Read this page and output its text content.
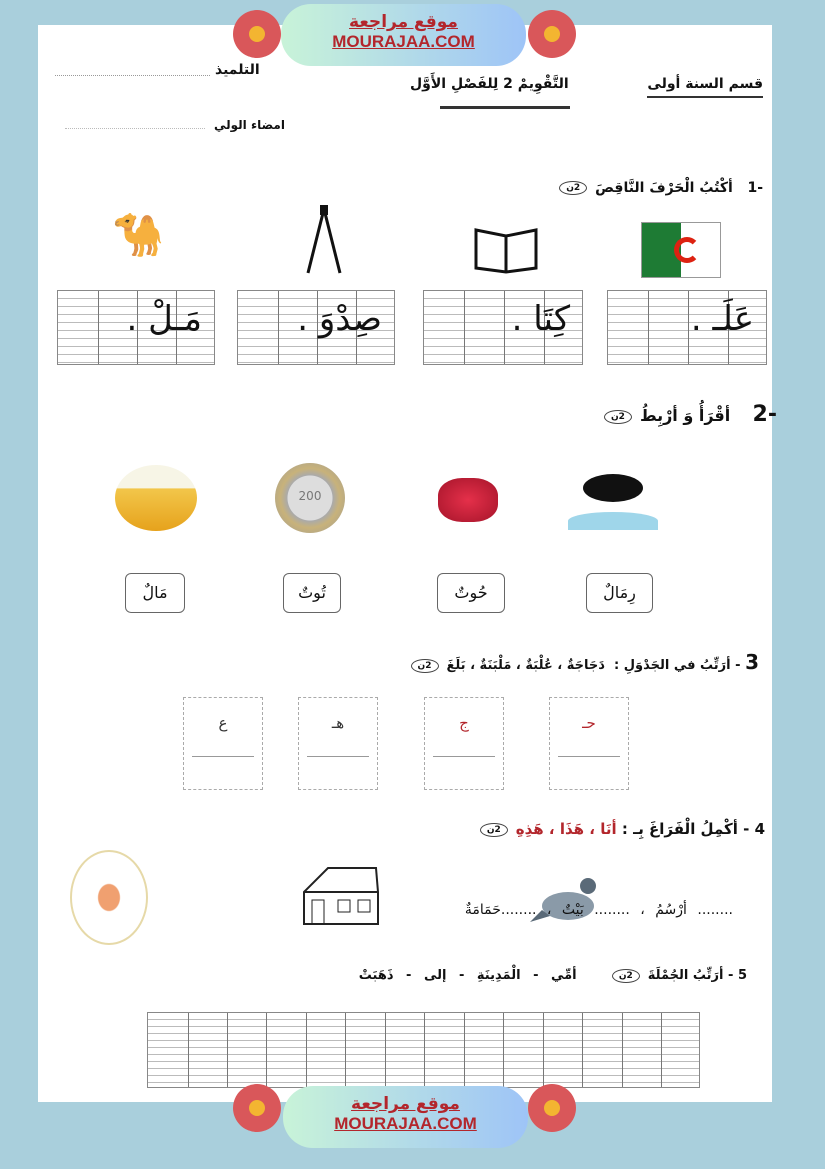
موقع مراجعة
MOURAJAA.COM
قسم السنة أولى
التَّقْوِيمْ 2 لِلفَصْلِ الأَوَّل
التلميذ
امضاء الولي
-1   أكْتُبُ الْحَرْفَ النَّاقِصَ2ن
🐪
مَـلْ .	صِدْوَ .	كِتَا .	عَلَـ .
-2    أقْرَأُ وَ أرْبِطُ2ن
200
مَالٌ	تُوتٌ	حُوتٌ	رِمَالٌ
3 - أرَتِّبُ في الجَدْوَلِ :  دَجَاجَةٌ ، عُلْبَةٌ ، مَلْبَنَةٌ ، بَلَغَ2ن
ع	هـ	ج	حـ
4 - أكْمِلُ الْفَرَاغَ بِـ : أنَا ، هَذَا ، هَذِهِ2ن
........ أرْسُمُ ، ........ بَيْتٌ ، ........حَمَامَةٌ
5 - أرَتِّبُ الجُمْلَةَ2ن      أمِّي - الْمَدِينَةِ - إلى - ذَهَبَتْ
موقع مراجعة
MOURAJAA.COM
